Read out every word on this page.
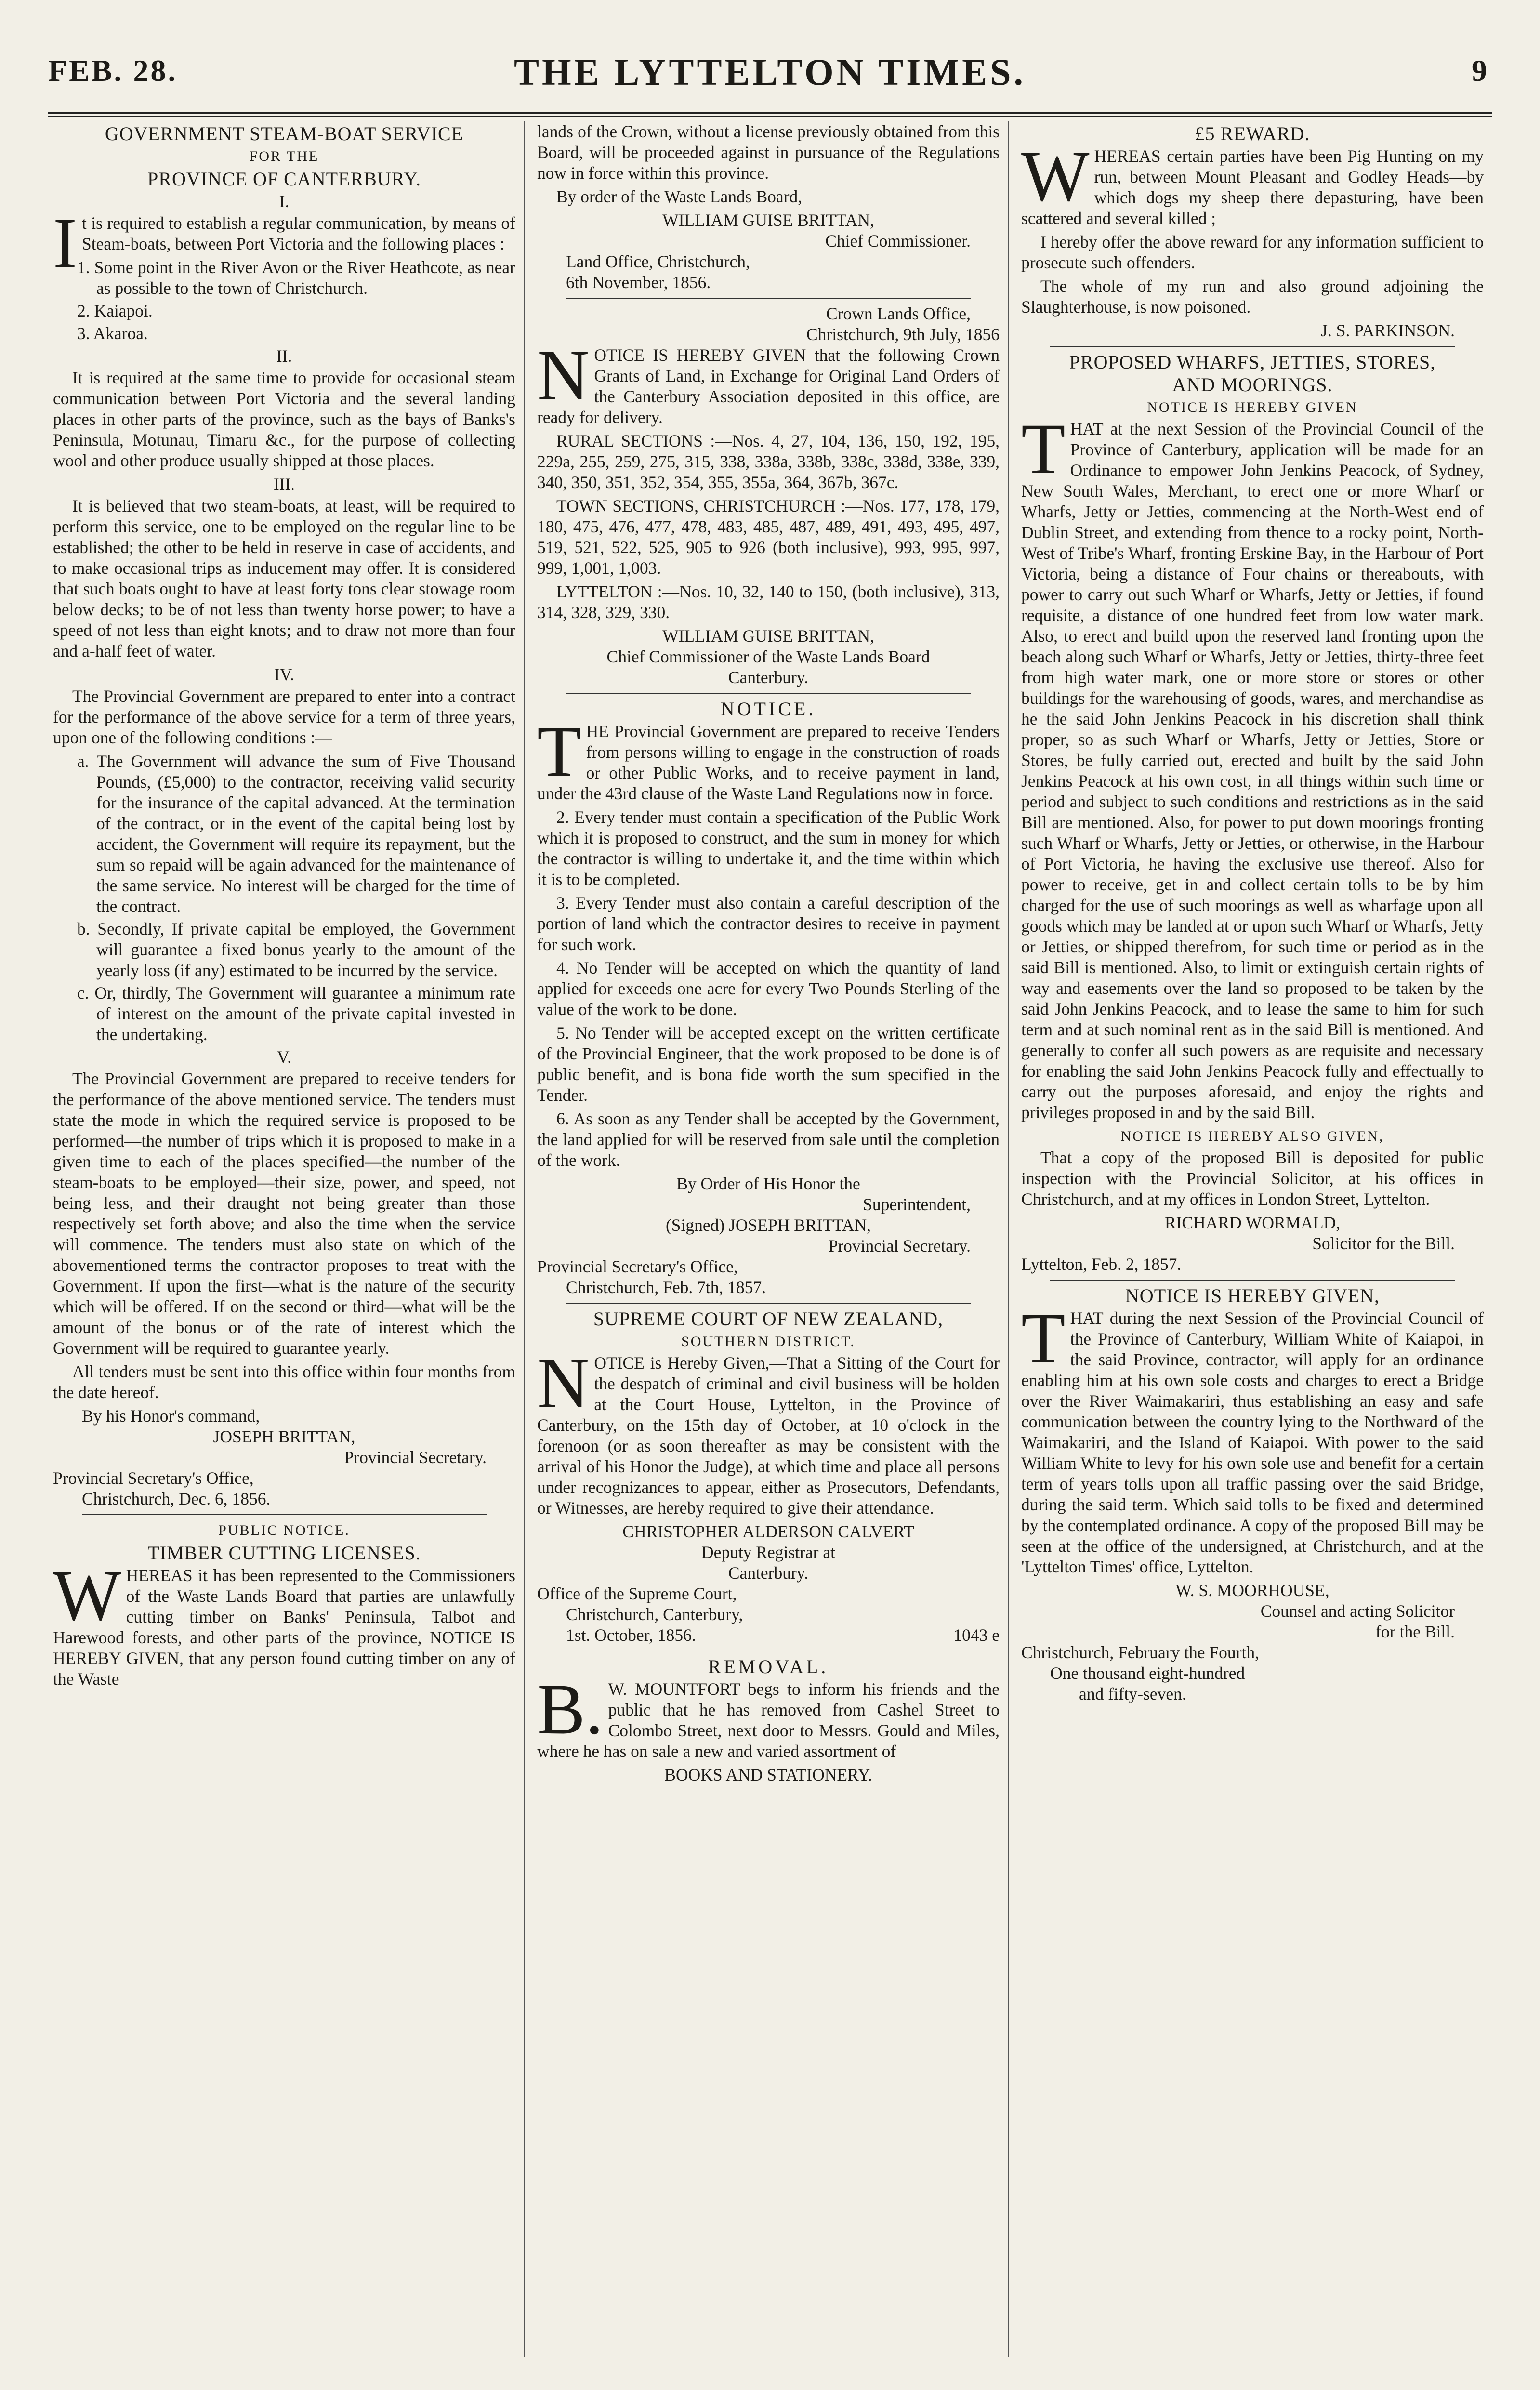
FEB. 28.	THE LYTTELTON TIMES.	9
GOVERNMENT STEAM-BOAT SERVICE
FOR THE
PROVINCE OF CANTERBURY.
I.

It is required to establish a regular communication, by means of Steam-boats, between Port Victoria and the following places :

1. Some point in the River Avon or the River Heathcote, as near as possible to the town of Christchurch.

2. Kaiapoi.

3. Akaroa.

II.

It is required at the same time to provide for occasional steam communication between Port Victoria and the several landing places in other parts of the province, such as the bays of Banks's Peninsula, Motunau, Timaru &c., for the purpose of collecting wool and other produce usually shipped at those places.

III.

It is believed that two steam-boats, at least, will be required to perform this service, one to be employed on the regular line to be established; the other to be held in reserve in case of accidents, and to make occasional trips as inducement may offer. It is considered that such boats ought to have at least forty tons clear stowage room below decks; to be of not less than twenty horse power; to have a speed of not less than eight knots; and to draw not more than four and a-half feet of water.

IV.

The Provincial Government are prepared to enter into a contract for the performance of the above service for a term of three years, upon one of the following conditions :—

a. The Government will advance the sum of Five Thousand Pounds, (£5,000) to the contractor, receiving valid security for the insurance of the capital advanced. At the termination of the contract, or in the event of the capital being lost by accident, the Government will require its repayment, but the sum so repaid will be again advanced for the maintenance of the same service. No interest will be charged for the time of the contract.

b. Secondly, If private capital be employed, the Government will guarantee a fixed bonus yearly to the amount of the yearly loss (if any) estimated to be incurred by the service.

c. Or, thirdly, The Government will guarantee a minimum rate of interest on the amount of the private capital invested in the undertaking.

V.

The Provincial Government are prepared to receive tenders for the performance of the above mentioned service. The tenders must state the mode in which the required service is proposed to be performed—the number of trips which it is proposed to make in a given time to each of the places specified—the number of the steam-boats to be employed—their size, power, and speed, not being less, and their draught not being greater than those respectively set forth above; and also the time when the service will commence. The tenders must also state on which of the abovementioned terms the contractor proposes to treat with the Government. If upon the first—what is the nature of the security which will be offered. If on the second or third—what will be the amount of the bonus or of the rate of interest which the Government will be required to guarantee yearly.

All tenders must be sent into this office within four months from the date hereof.

By his Honor's command,
JOSEPH BRITTAN,
Provincial Secretary.
Provincial Secretary's Office,
Christchurch, Dec. 6, 1856.
PUBLIC NOTICE.
TIMBER CUTTING LICENSES.

WHEREAS it has been represented to the Commissioners of the Waste Lands Board that parties are unlawfully cutting timber on Banks' Peninsula, Talbot and Harewood forests, and other parts of the province, NOTICE IS HEREBY GIVEN, that any person found cutting timber on any of the Waste

lands of the Crown, without a license previously obtained from this Board, will be proceeded against in pursuance of the Regulations now in force within this province.

By order of the Waste Lands Board,

WILLIAM GUISE BRITTAN,
Chief Commissioner.
Land Office, Christchurch,
6th November, 1856.
Crown Lands Office,
Christchurch, 9th July, 1856

NOTICE IS HEREBY GIVEN that the following Crown Grants of Land, in Exchange for Original Land Orders of the Canterbury Association deposited in this office, are ready for delivery.

RURAL SECTIONS :—Nos. 4, 27, 104, 136, 150, 192, 195, 229a, 255, 259, 275, 315, 338, 338a, 338b, 338c, 338d, 338e, 339, 340, 350, 351, 352, 354, 355, 355a, 364, 367b, 367c.

TOWN SECTIONS, CHRISTCHURCH :—Nos. 177, 178, 179, 180, 475, 476, 477, 478, 483, 485, 487, 489, 491, 493, 495, 497, 519, 521, 522, 525, 905 to 926 (both inclusive), 993, 995, 997, 999, 1,001, 1,003.

LYTTELTON :—Nos. 10, 32, 140 to 150, (both inclusive), 313, 314, 328, 329, 330.

WILLIAM GUISE BRITTAN,
Chief Commissioner of the Waste Lands Board
Canterbury.
NOTICE.

THE Provincial Government are prepared to receive Tenders from persons willing to engage in the construction of roads or other Public Works, and to receive payment in land, under the 43rd clause of the Waste Land Regulations now in force.

2. Every tender must contain a specification of the Public Work which it is proposed to construct, and the sum in money for which the contractor is willing to undertake it, and the time within which it is to be completed.

3. Every Tender must also contain a careful description of the portion of land which the contractor desires to receive in payment for such work.

4. No Tender will be accepted on which the quantity of land applied for exceeds one acre for every Two Pounds Sterling of the value of the work to be done.

5. No Tender will be accepted except on the written certificate of the Provincial Engineer, that the work proposed to be done is of public benefit, and is bona fide worth the sum specified in the Tender.

6. As soon as any Tender shall be accepted by the Government, the land applied for will be reserved from sale until the completion of the work.

By Order of His Honor the
Superintendent,
(Signed) JOSEPH BRITTAN,
Provincial Secretary.
Provincial Secretary's Office,
Christchurch, Feb. 7th, 1857.
SUPREME COURT OF NEW ZEALAND,
SOUTHERN DISTRICT.

NOTICE is Hereby Given,—That a Sitting of the Court for the despatch of criminal and civil business will be holden at the Court House, Lyttelton, in the Province of Canterbury, on the 15th day of October, at 10 o'clock in the forenoon (or as soon thereafter as may be consistent with the arrival of his Honor the Judge), at which time and place all persons under recognizances to appear, either as Prosecutors, Defendants, or Witnesses, are hereby required to give their attendance.

CHRISTOPHER ALDERSON CALVERT
Deputy Registrar at
Canterbury.
Office of the Supreme Court,
Christchurch, Canterbury,
1st. October, 1856.	1043 e
REMOVAL.

B.W. MOUNTFORT begs to inform his friends and the public that he has removed from Cashel Street to Colombo Street, next door to Messrs. Gould and Miles, where he has on sale a new and varied assortment of

BOOKS AND STATIONERY.
£5 REWARD.

WHEREAS certain parties have been Pig Hunting on my run, between Mount Pleasant and Godley Heads—by which dogs my sheep there depasturing, have been scattered and several killed ;

I hereby offer the above reward for any information sufficient to prosecute such offenders.

The whole of my run and also ground adjoining the Slaughterhouse, is now poisoned.

J. S. PARKINSON.
PROPOSED WHARFS, JETTIES, STORES,
AND MOORINGS.
NOTICE IS HEREBY GIVEN

THAT at the next Session of the Provincial Council of the Province of Canterbury, application will be made for an Ordinance to empower John Jenkins Peacock, of Sydney, New South Wales, Merchant, to erect one or more Wharf or Wharfs, Jetty or Jetties, commencing at the North-West end of Dublin Street, and extending from thence to a rocky point, North-West of Tribe's Wharf, fronting Erskine Bay, in the Harbour of Port Victoria, being a distance of Four chains or thereabouts, with power to carry out such Wharf or Wharfs, Jetty or Jetties, if found requisite, a distance of one hundred feet from low water mark. Also, to erect and build upon the reserved land fronting upon the beach along such Wharf or Wharfs, Jetty or Jetties, thirty-three feet from high water mark, one or more store or stores or other buildings for the warehousing of goods, wares, and merchandise as he the said John Jenkins Peacock in his discretion shall think proper, so as such Wharf or Wharfs, Jetty or Jetties, Store or Stores, be fully carried out, erected and built by the said John Jenkins Peacock at his own cost, in all things within such time or period and subject to such conditions and restrictions as in the said Bill are mentioned. Also, for power to put down moorings fronting such Wharf or Wharfs, Jetty or Jetties, or otherwise, in the Harbour of Port Victoria, he having the exclusive use thereof. Also for power to receive, get in and collect certain tolls to be by him charged for the use of such moorings as well as wharfage upon all goods which may be landed at or upon such Wharf or Wharfs, Jetty or Jetties, or shipped therefrom, for such time or period as in the said Bill is mentioned. Also, to limit or extinguish certain rights of way and easements over the land so proposed to be taken by the said John Jenkins Peacock, and to lease the same to him for such term and at such nominal rent as in the said Bill is mentioned. And generally to confer all such powers as are requisite and necessary for enabling the said John Jenkins Peacock fully and effectually to carry out the purposes aforesaid, and enjoy the rights and privileges proposed in and by the said Bill.

NOTICE IS HEREBY ALSO GIVEN,

That a copy of the proposed Bill is deposited for public inspection with the Provincial Solicitor, at his offices in Christchurch, and at my offices in London Street, Lyttelton.

RICHARD WORMALD,
Solicitor for the Bill.
Lyttelton, Feb. 2, 1857.
NOTICE IS HEREBY GIVEN,

THAT during the next Session of the Provincial Council of the Province of Canterbury, William White of Kaiapoi, in the said Province, contractor, will apply for an ordinance enabling him at his own sole costs and charges to erect a Bridge over the River Waimakariri, thus establishing an easy and safe communication between the country lying to the Northward of the Waimakariri, and the Island of Kaiapoi. With power to the said William White to levy for his own sole use and benefit for a certain term of years tolls upon all traffic passing over the said Bridge, during the said term. Which said tolls to be fixed and determined by the contemplated ordinance. A copy of the proposed Bill may be seen at the office of the undersigned, at Christchurch, and at the 'Lyttelton Times' office, Lyttelton.

W. S. MOORHOUSE,
Counsel and acting Solicitor
for the Bill.
Christchurch, February the Fourth,
One thousand eight-hundred
and fifty-seven.
